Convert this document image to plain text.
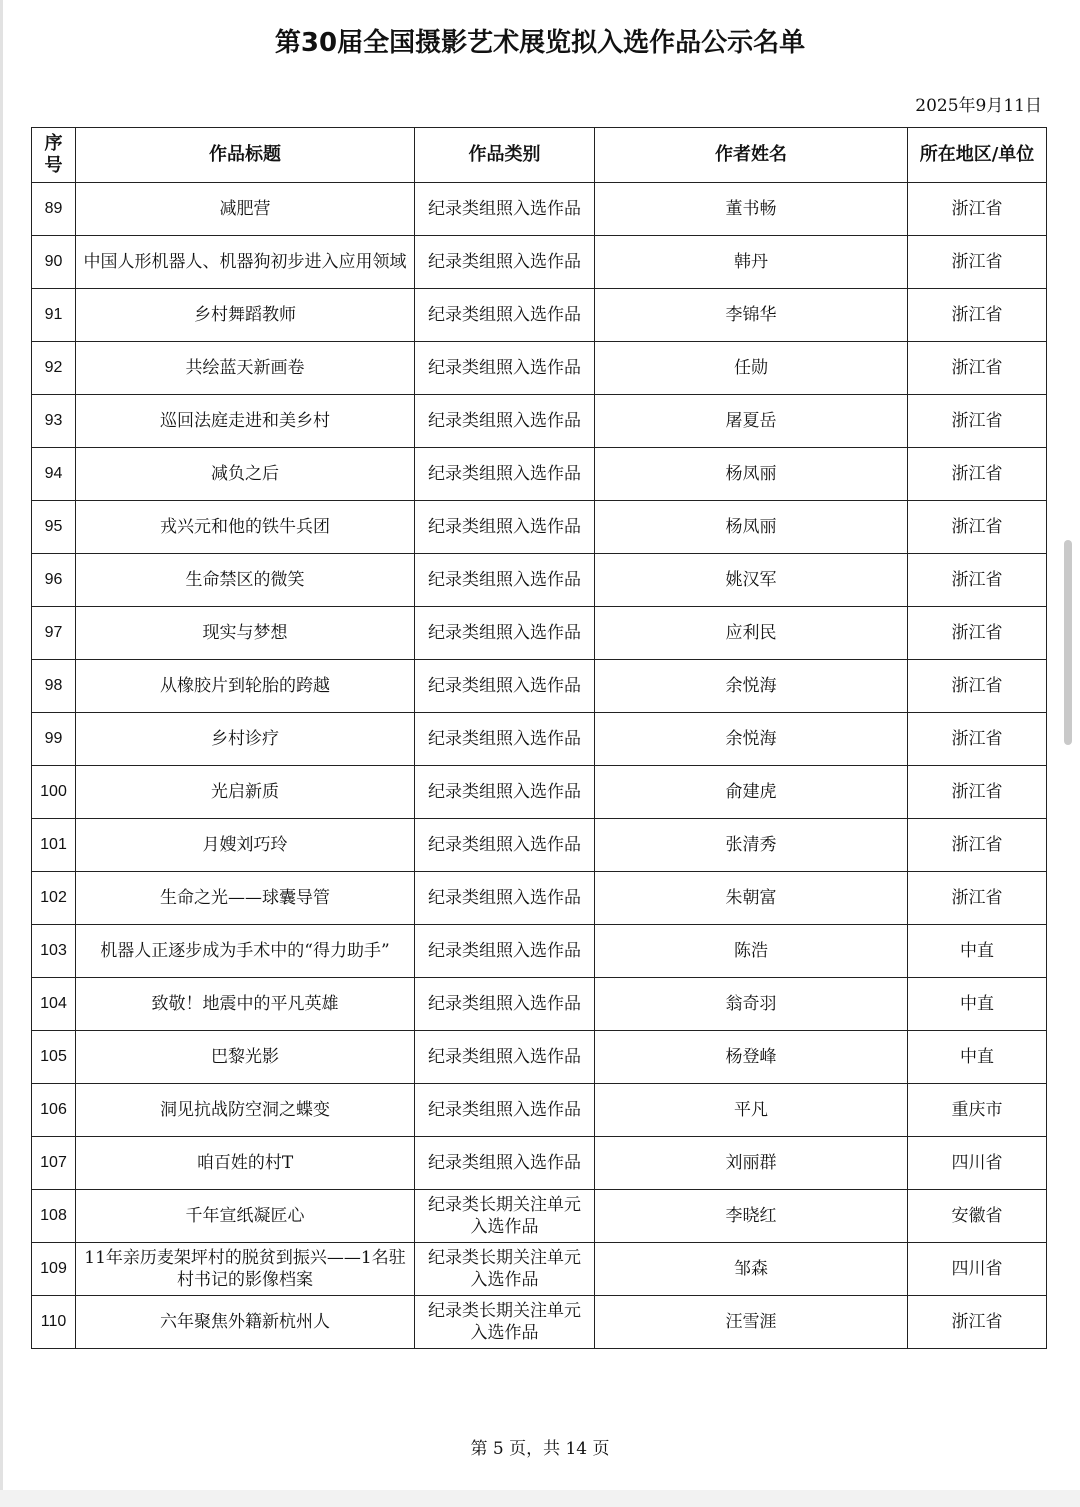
第30届全国摄影艺术展览拟入选作品公示名单
2025年9月11日
序号	作品标题	作品类别	作者姓名	所在地区/单位
89	减肥营	纪录类组照入选作品	董书畅	浙江省
90	中国人形机器人、机器狗初步进入应用领域	纪录类组照入选作品	韩丹	浙江省
91	乡村舞蹈教师	纪录类组照入选作品	李锦华	浙江省
92	共绘蓝天新画卷	纪录类组照入选作品	任勋	浙江省
93	巡回法庭走进和美乡村	纪录类组照入选作品	屠夏岳	浙江省
94	减负之后	纪录类组照入选作品	杨凤丽	浙江省
95	戎兴元和他的铁牛兵团	纪录类组照入选作品	杨凤丽	浙江省
96	生命禁区的微笑	纪录类组照入选作品	姚汉军	浙江省
97	现实与梦想	纪录类组照入选作品	应利民	浙江省
98	从橡胶片到轮胎的跨越	纪录类组照入选作品	余悦海	浙江省
99	乡村诊疗	纪录类组照入选作品	余悦海	浙江省
100	光启新质	纪录类组照入选作品	俞建虎	浙江省
101	月嫂刘巧玲	纪录类组照入选作品	张清秀	浙江省
102	生命之光——球囊导管	纪录类组照入选作品	朱朝富	浙江省
103	机器人正逐步成为手术中的“得力助手”	纪录类组照入选作品	陈浩	中直
104	致敬！地震中的平凡英雄	纪录类组照入选作品	翁奇羽	中直
105	巴黎光影	纪录类组照入选作品	杨登峰	中直
106	洞见抗战防空洞之蝶变	纪录类组照入选作品	平凡	重庆市
107	咱百姓的村T	纪录类组照入选作品	刘丽群	四川省
108	千年宣纸凝匠心	纪录类长期关注单元入选作品	李晓红	安徽省
109	11年亲历麦架坪村的脱贫到振兴——1名驻村书记的影像档案	纪录类长期关注单元入选作品	邹森	四川省
110	六年聚焦外籍新杭州人	纪录类长期关注单元入选作品	汪雪涯	浙江省
第 5 页，共 14 页
